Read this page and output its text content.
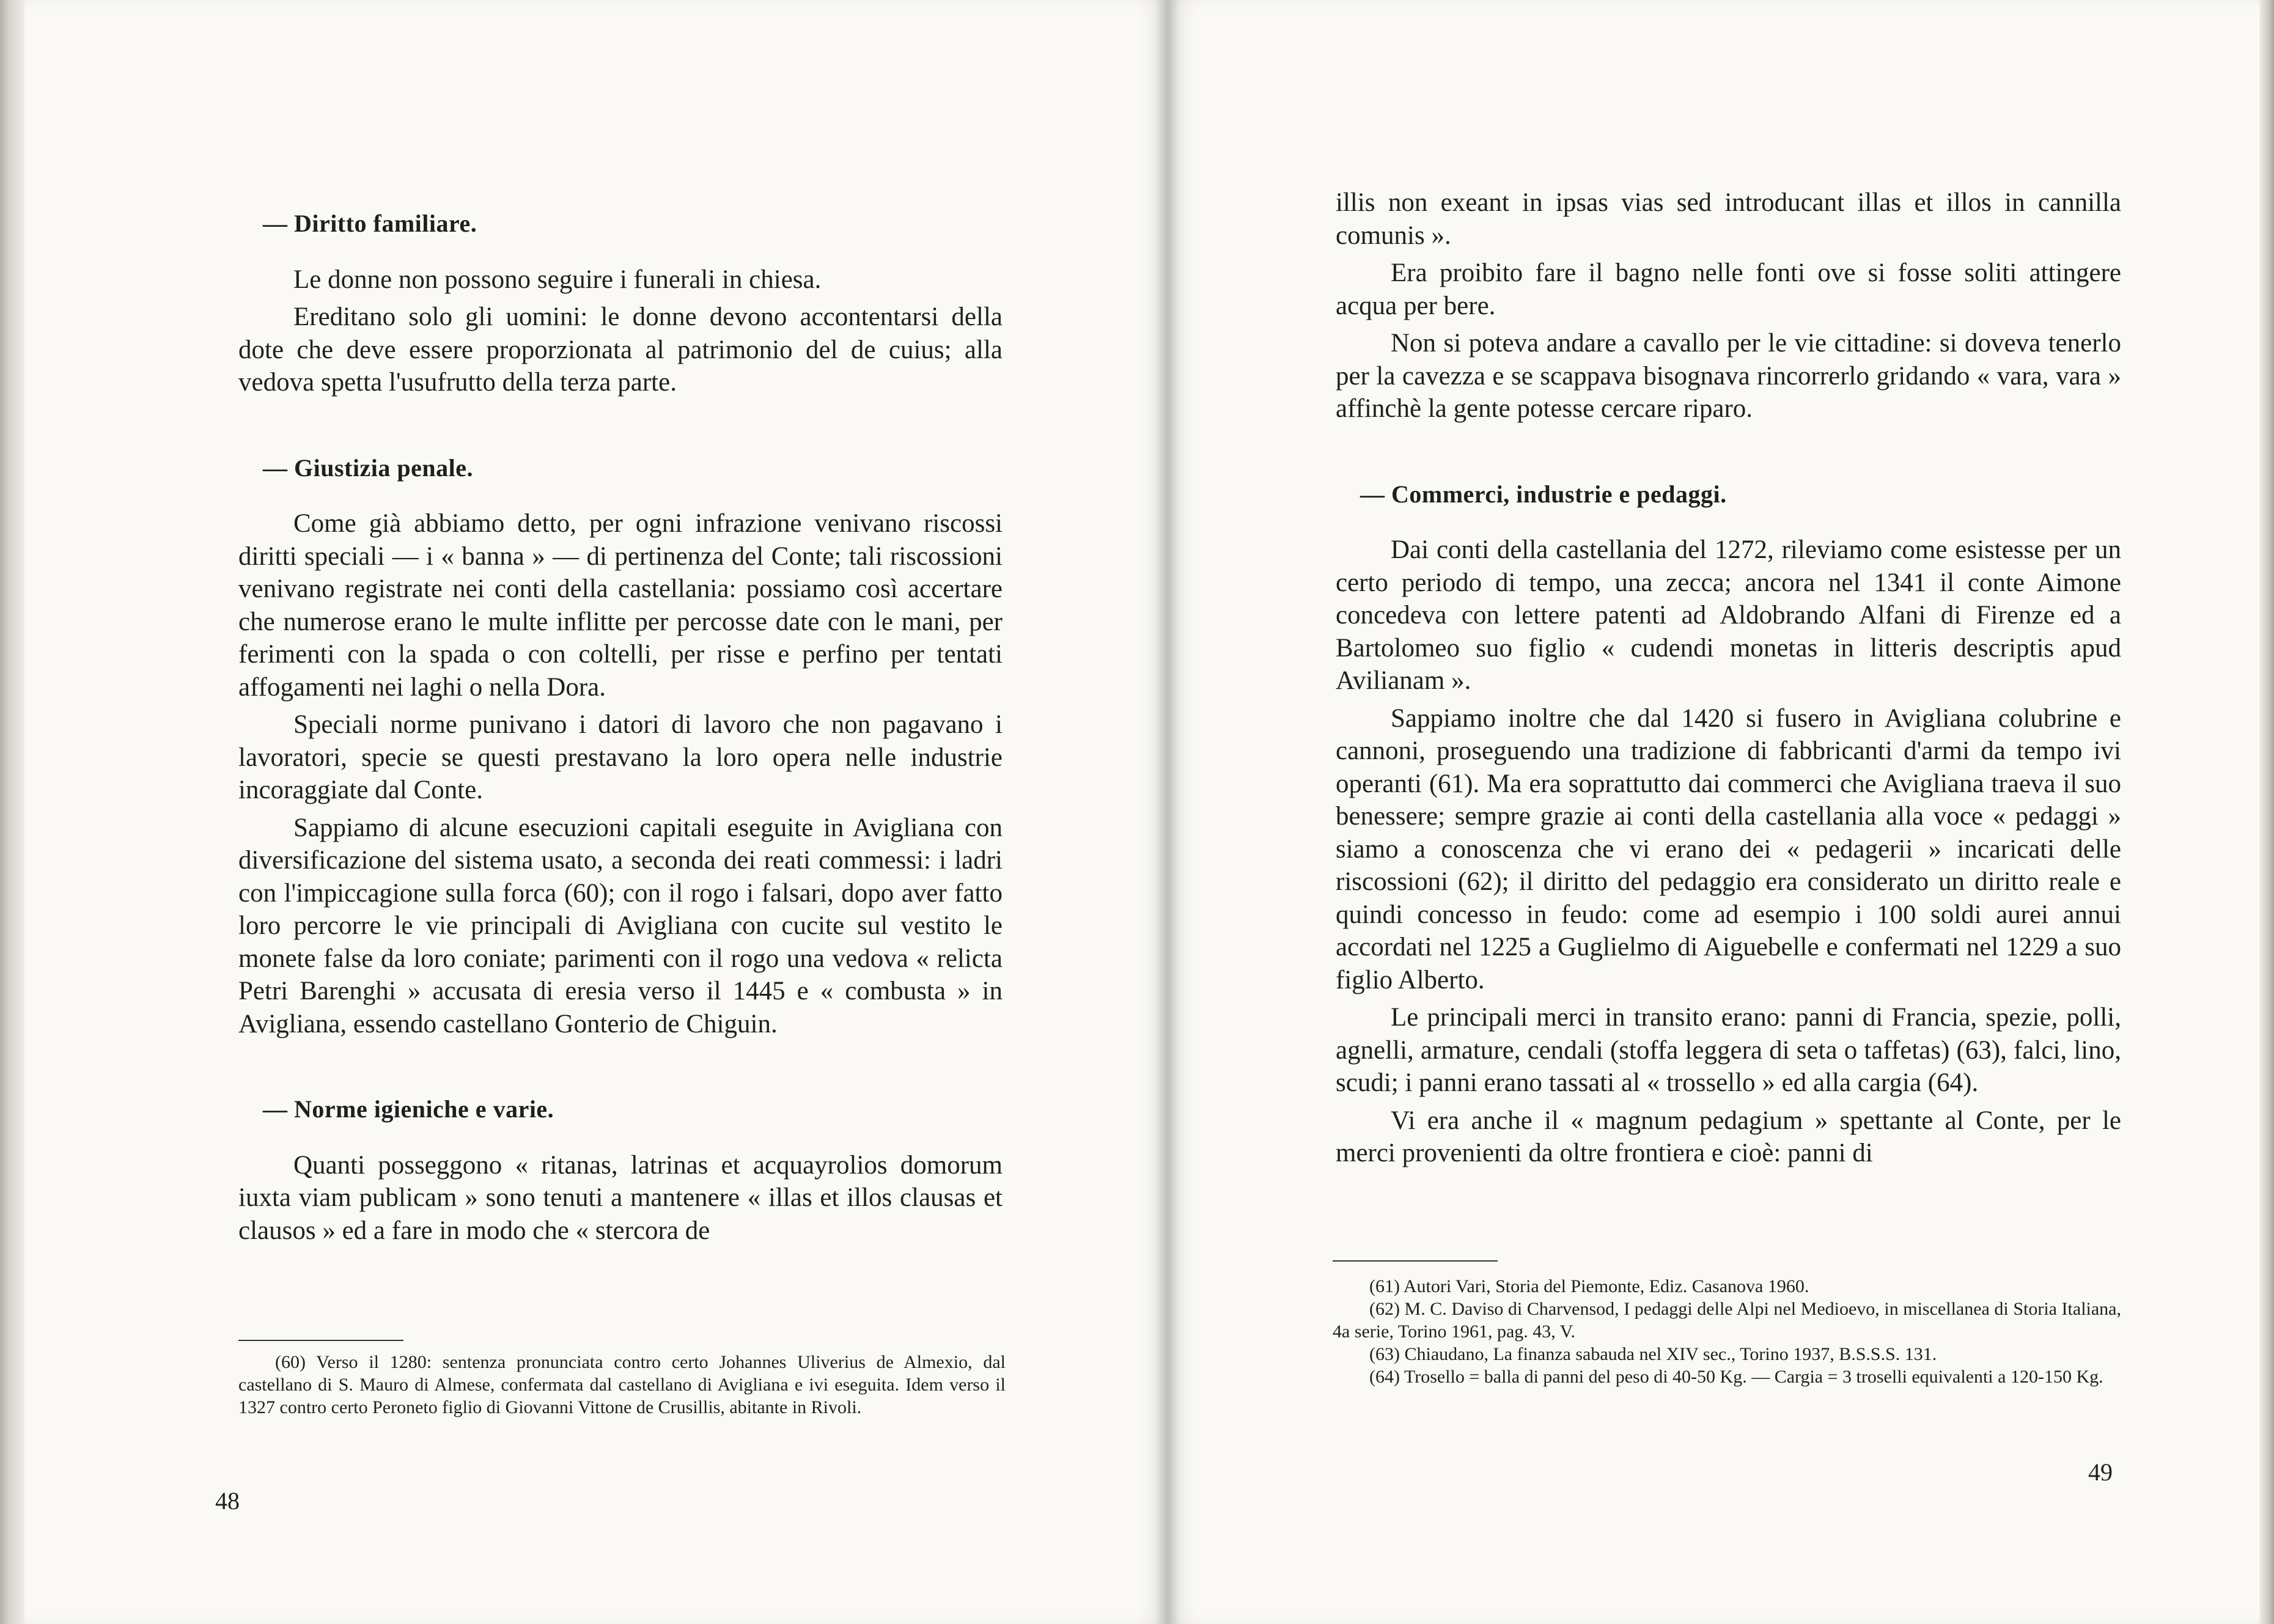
— Diritto familiare.

Le donne non possono seguire i funerali in chiesa.

Ereditano solo gli uomini: le donne devono accontentarsi della dote che deve essere proporzionata al patrimonio del de cuius; alla vedova spetta l'usufrutto della terza parte.

— Giustizia penale.

Come già abbiamo detto, per ogni infrazione venivano riscossi diritti speciali — i « banna » — di pertinenza del Conte; tali riscossioni venivano registrate nei conti della castellania: possiamo così accertare che numerose erano le multe inflitte per percosse date con le mani, per ferimenti con la spada o con coltelli, per risse e perfino per tentati affogamenti nei laghi o nella Dora.

Speciali norme punivano i datori di lavoro che non pagavano i lavoratori, specie se questi prestavano la loro opera nelle industrie incoraggiate dal Conte.

Sappiamo di alcune esecuzioni capitali eseguite in Avigliana con diversificazione del sistema usato, a seconda dei reati commessi: i ladri con l'impiccagione sulla forca (60); con il rogo i falsari, dopo aver fatto loro percorre le vie principali di Avigliana con cucite sul vestito le monete false da loro coniate; parimenti con il rogo una vedova « relicta Petri Barenghi » accusata di eresia verso il 1445 e « combusta » in Avigliana, essendo castellano Gonterio de Chiguin.

— Norme igieniche e varie.

Quanti posseggono « ritanas, latrinas et acquayrolios domorum iuxta viam publicam » sono tenuti a mantenere « illas et illos clausas et clausos » ed a fare in modo che « stercora de

(60) Verso il 1280: sentenza pronunciata contro certo Johannes Uliverius de Almexio, dal castellano di S. Mauro di Almese, confermata dal castellano di Avigliana e ivi eseguita. Idem verso il 1327 contro certo Peroneto figlio di Giovanni Vittone de Crusillis, abitante in Rivoli.

48

illis non exeant in ipsas vias sed introducant illas et illos in cannilla comunis ».

Era proibito fare il bagno nelle fonti ove si fosse soliti attingere acqua per bere.

Non si poteva andare a cavallo per le vie cittadine: si doveva tenerlo per la cavezza e se scappava bisognava rincorrerlo gridando « vara, vara » affinchè la gente potesse cercare riparo.

— Commerci, industrie e pedaggi.

Dai conti della castellania del 1272, rileviamo come esistesse per un certo periodo di tempo, una zecca; ancora nel 1341 il conte Aimone concedeva con lettere patenti ad Aldobrando Alfani di Firenze ed a Bartolomeo suo figlio « cudendi monetas in litteris descriptis apud Avilianam ».

Sappiamo inoltre che dal 1420 si fusero in Avigliana colubrine e cannoni, proseguendo una tradizione di fabbricanti d'armi da tempo ivi operanti (61). Ma era soprattutto dai commerci che Avigliana traeva il suo benessere; sempre grazie ai conti della castellania alla voce « pedaggi » siamo a conoscenza che vi erano dei « pedagerii » incaricati delle riscossioni (62); il diritto del pedaggio era considerato un diritto reale e quindi concesso in feudo: come ad esempio i 100 soldi aurei annui accordati nel 1225 a Guglielmo di Aiguebelle e confermati nel 1229 a suo figlio Alberto.

Le principali merci in transito erano: panni di Francia, spezie, polli, agnelli, armature, cendali (stoffa leggera di seta o taffetas) (63), falci, lino, scudi; i panni erano tassati al « trossello » ed alla cargia (64).

Vi era anche il « magnum pedagium » spettante al Conte, per le merci provenienti da oltre frontiera e cioè: panni di

(61) Autori Vari, Storia del Piemonte, Ediz. Casanova 1960.

(62) M. C. Daviso di Charvensod, I pedaggi delle Alpi nel Medioevo, in miscellanea di Storia Italiana, 4a serie, Torino 1961, pag. 43, V.

(63) Chiaudano, La finanza sabauda nel XIV sec., Torino 1937, B.S.S.S. 131.

(64) Trosello = balla di panni del peso di 40-50 Kg. — Cargia = 3 troselli equivalenti a 120-150 Kg.

49
